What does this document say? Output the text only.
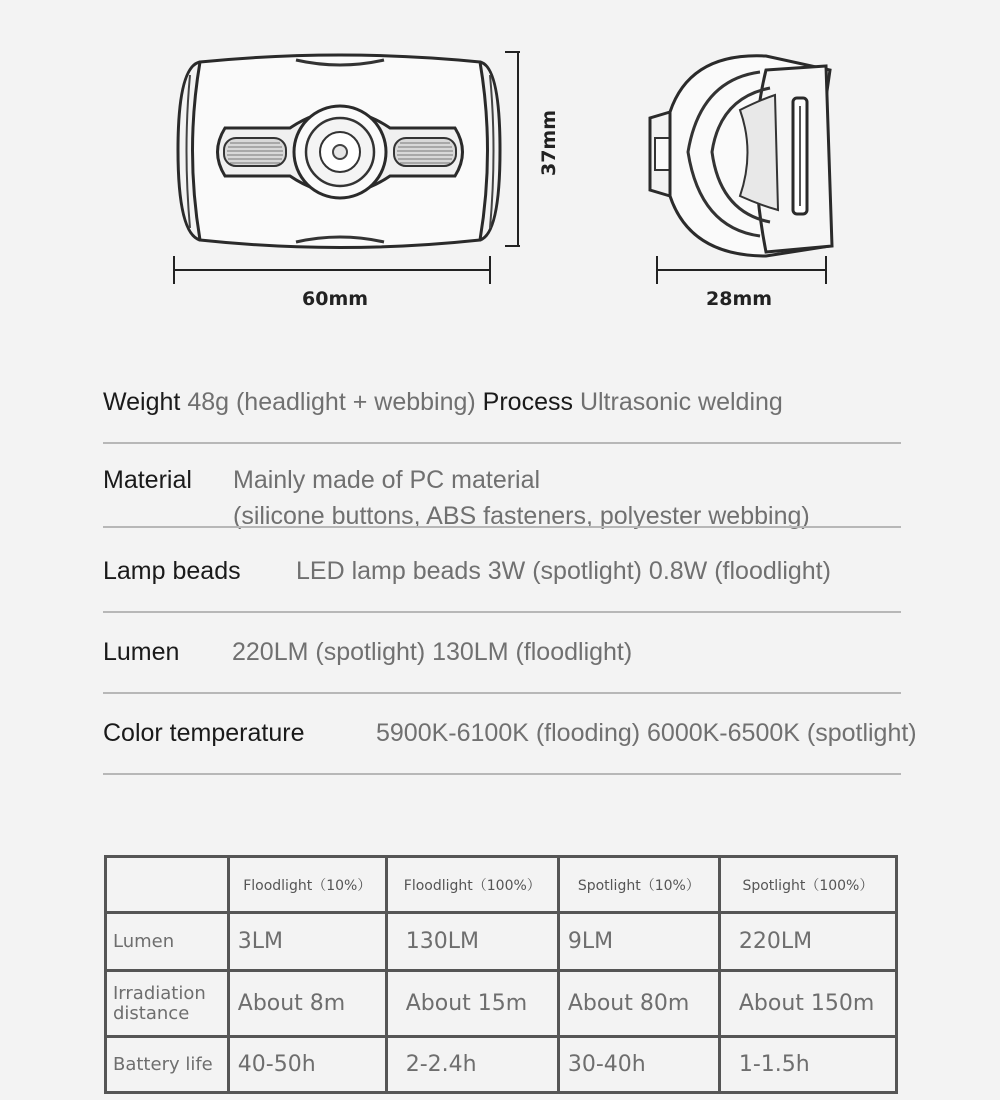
60mm
37mm
28mm
Weight 48g (headlight + webbing) Process Ultrasonic welding
Material Mainly made of PC material
(silicone buttons, ABS fasteners, polyester webbing)
Lamp beads LED lamp beads 3W (spotlight) 0.8W (floodlight)
Lumen 220LM (spotlight) 130LM (floodlight)
Color temperature	5900K-6100K (flooding) 6000K-6500K (spotlight)
	Floodlight（10%）	Floodlight（100%）	Spotlight（10%）	Spotlight（100%）
Lumen	3LM	130LM	9LM	220LM
Irradiation
distance	About 8m	About 15m	About 80m	About 150m
Battery life	40-50h	2-2.4h	30-40h	1-1.5h
